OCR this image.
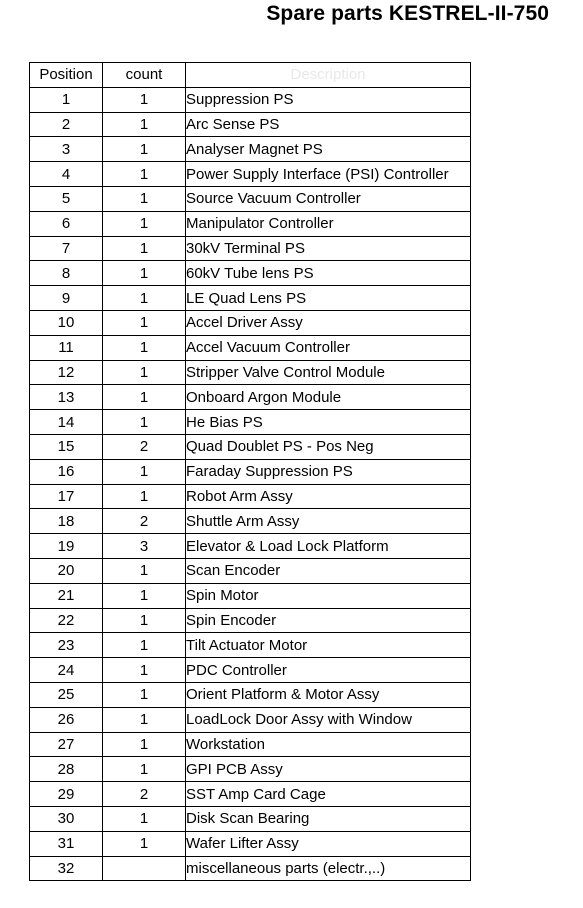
Spare parts KESTREL-II-750
Position	count	Description
1	1	Suppression PS
2	1	Arc Sense PS
3	1	Analyser Magnet PS
4	1	Power Supply Interface (PSI) Controller
5	1	Source Vacuum Controller
6	1	Manipulator Controller
7	1	30kV Terminal PS
8	1	60kV Tube lens PS
9	1	LE Quad Lens PS
10	1	Accel Driver Assy
11	1	Accel Vacuum Controller
12	1	Stripper Valve Control Module
13	1	Onboard Argon Module
14	1	He Bias PS
15	2	Quad Doublet PS - Pos Neg
16	1	Faraday Suppression PS
17	1	Robot Arm Assy
18	2	Shuttle Arm Assy
19	3	Elevator & Load Lock Platform
20	1	Scan Encoder
21	1	Spin Motor
22	1	Spin Encoder
23	1	Tilt Actuator Motor
24	1	PDC Controller
25	1	Orient Platform & Motor Assy
26	1	LoadLock Door Assy with Window
27	1	Workstation
28	1	GPI PCB Assy
29	2	SST Amp Card Cage
30	1	Disk Scan Bearing
31	1	Wafer Lifter Assy
32		miscellaneous parts (electr.,..)
